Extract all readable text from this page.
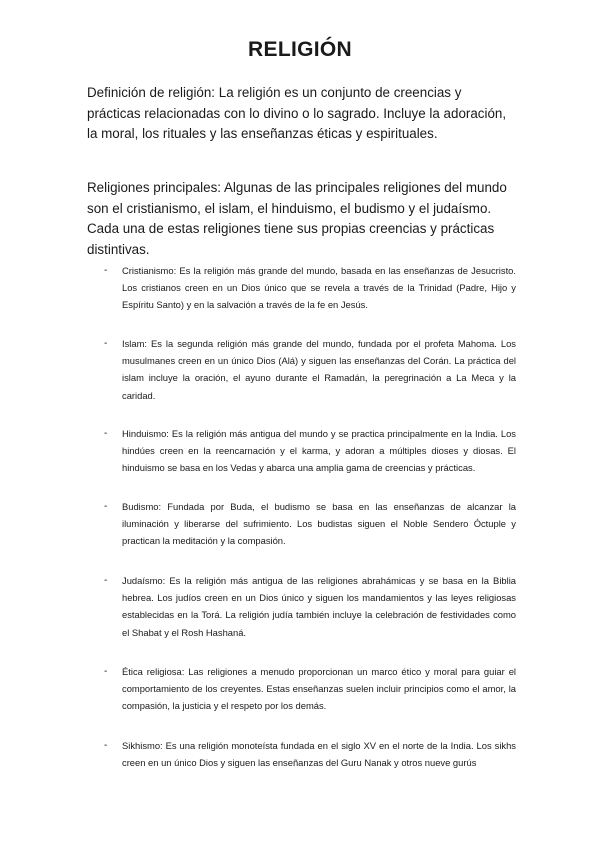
RELIGIÓN

Definición de religión: La religión es un conjunto de creencias y prácticas relacionadas con lo divino o lo sagrado. Incluye la adoración, la moral, los rituales y las enseñanzas éticas y espirituales.

Religiones principales: Algunas de las principales religiones del mundo son el cristianismo, el islam, el hinduismo, el budismo y el judaísmo. Cada una de estas religiones tiene sus propias creencias y prácticas distintivas.

- Cristianismo: Es la religión más grande del mundo, basada en las enseñanzas de Jesucristo. Los cristianos creen en un Dios único que se revela a través de la Trinidad (Padre, Hijo y Espíritu Santo) y en la salvación a través de la fe en Jesús.

- Islam: Es la segunda religión más grande del mundo, fundada por el profeta Mahoma. Los musulmanes creen en un único Dios (Alá) y siguen las enseñanzas del Corán. La práctica del islam incluye la oración, el ayuno durante el Ramadán, la peregrinación a La Meca y la caridad.

- Hinduismo: Es la religión más antigua del mundo y se practica principalmente en la India. Los hindúes creen en la reencarnación y el karma, y adoran a múltiples dioses y diosas. El hinduismo se basa en los Vedas y abarca una amplia gama de creencias y prácticas.

- Budismo: Fundada por Buda, el budismo se basa en las enseñanzas de alcanzar la iluminación y liberarse del sufrimiento. Los budistas siguen el Noble Sendero Óctuple y practican la meditación y la compasión.

- Judaísmo: Es la religión más antigua de las religiones abrahámicas y se basa en la Biblia hebrea. Los judíos creen en un Dios único y siguen los mandamientos y las leyes religiosas establecidas en la Torá. La religión judía también incluye la celebración de festividades como el Shabat y el Rosh Hashaná.

- Ética religiosa: Las religiones a menudo proporcionan un marco ético y moral para guiar el comportamiento de los creyentes. Estas enseñanzas suelen incluir principios como el amor, la compasión, la justicia y el respeto por los demás.

- Sikhismo: Es una religión monoteísta fundada en el siglo XV en el norte de la India. Los sikhs creen en un único Dios y siguen las enseñanzas del Guru Nanak y otros nueve gurús
